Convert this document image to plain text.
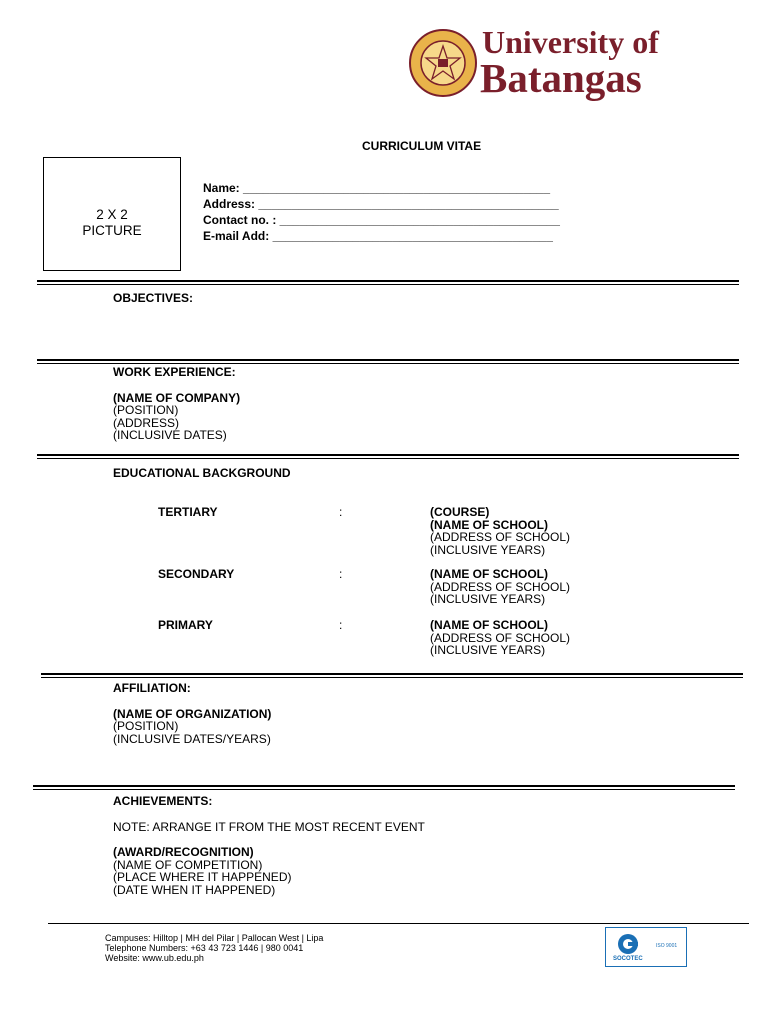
University of
Batangas
CURRICULUM VITAE
2 X 2
PICTURE
Name: ______________________________________________
Address: _____________________________________________
Contact no. : __________________________________________
E-mail Add: __________________________________________
OBJECTIVES:
WORK EXPERIENCE:
(NAME OF COMPANY)
(POSITION)
(ADDRESS)
(INCLUSIVE DATES)
EDUCATIONAL BACKGROUND
TERTIARY	:	(COURSE)
(NAME OF SCHOOL)
(ADDRESS OF SCHOOL)
(INCLUSIVE YEARS)
SECONDARY	:	(NAME OF SCHOOL)
(ADDRESS OF SCHOOL)
(INCLUSIVE YEARS)
PRIMARY	:	(NAME OF SCHOOL)
(ADDRESS OF SCHOOL)
(INCLUSIVE YEARS)
AFFILIATION:
(NAME OF ORGANIZATION)
(POSITION)
(INCLUSIVE DATES/YEARS)
ACHIEVEMENTS:
NOTE: ARRANGE IT FROM THE MOST RECENT EVENT
(AWARD/RECOGNITION)
(NAME OF COMPETITION)
(PLACE WHERE IT HAPPENED)
(DATE WHEN IT HAPPENED)
Campuses: Hilltop | MH del Pilar | Pallocan West | Lipa
Telephone Numbers: +63 43 723 1446 | 980 0041
Website: www.ub.edu.ph	SOCOTEC
ISO 9001
